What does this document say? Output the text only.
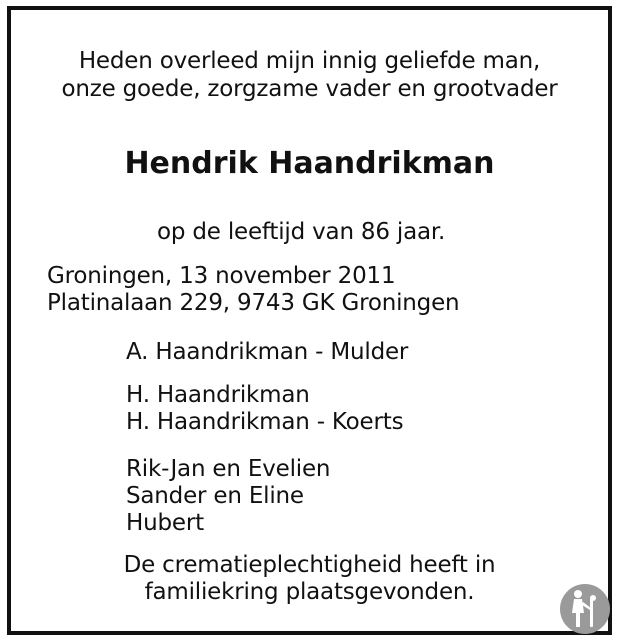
Heden overleed mijn innig geliefde man,
onze goede, zorgzame vader en grootvader
Hendrik Haandrikman
op de leeftijd van 86 jaar.
Groningen, 13 november 2011
Platinalaan 229, 9743 GK Groningen
A. Haandrikman - Mulder
H. Haandrikman
H. Haandrikman - Koerts
Rik-Jan en Evelien
Sander en Eline
Hubert
De crematieplechtigheid heeft in
familiekring plaatsgevonden.
